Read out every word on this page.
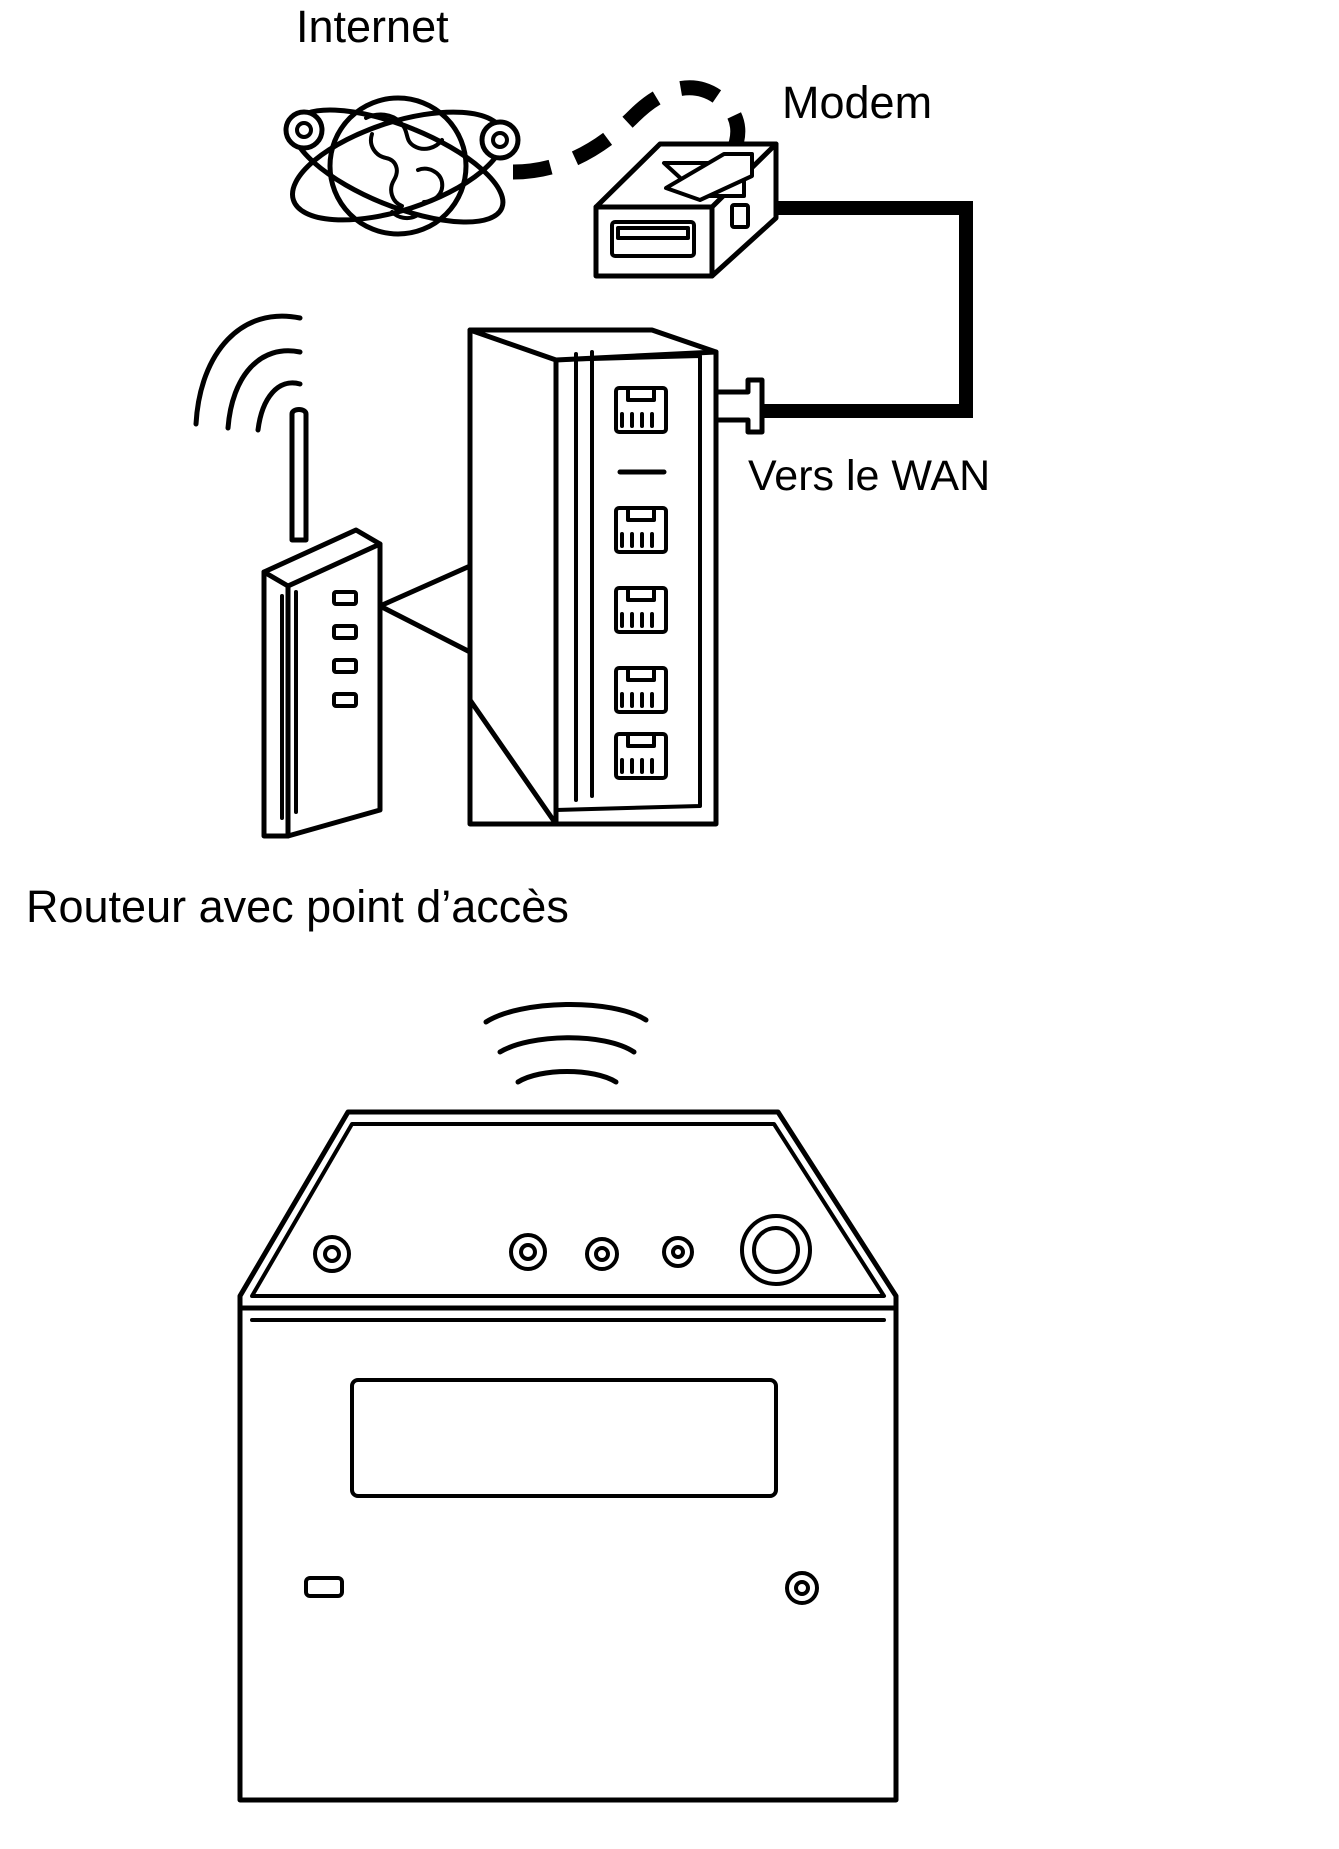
Internet
Modem
Vers le WAN
Routeur avec point d’accès
